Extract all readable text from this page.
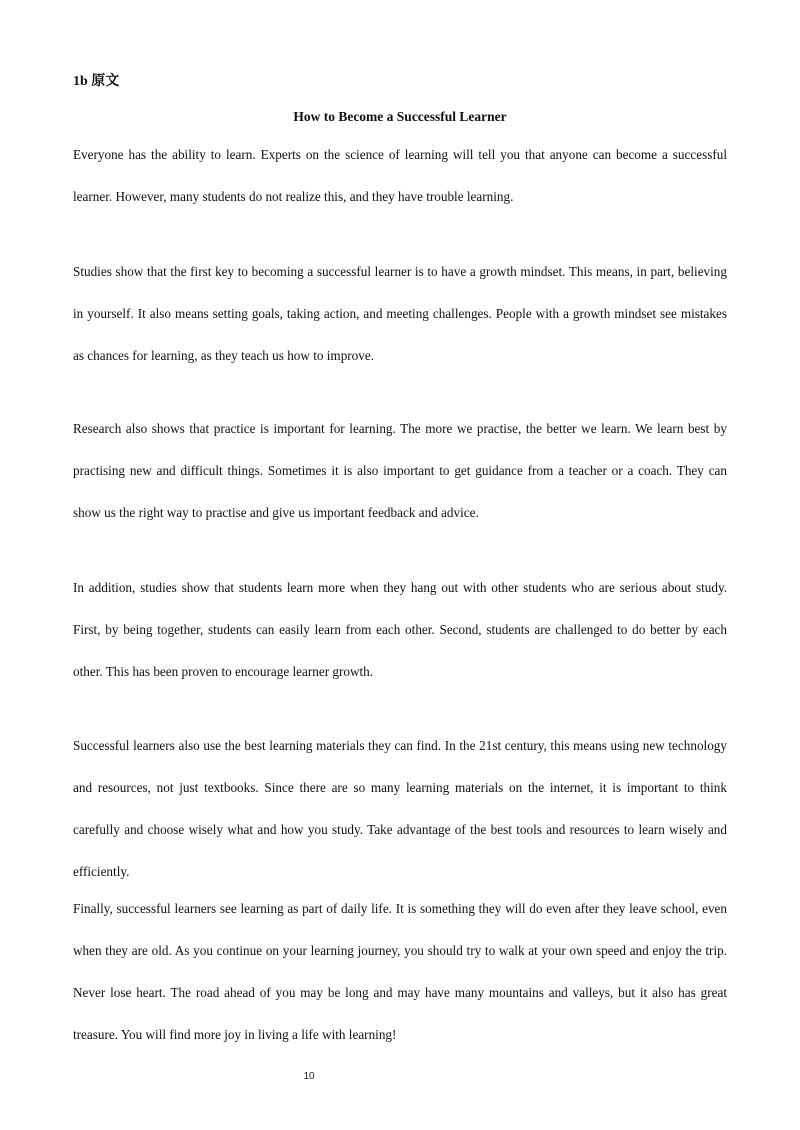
1b 原文

How to Become a Successful Learner

Everyone has the ability to learn. Experts on the science of learning will tell you that anyone can become a successful learner. However, many students do not realize this, and they have trouble learning.

Studies show that the first key to becoming a successful learner is to have a growth mindset. This means, in part, believing in yourself. It also means setting goals, taking action, and meeting challenges. People with a growth mindset see mistakes as chances for learning, as they teach us how to improve.

Research also shows that practice is important for learning. The more we practise, the better we learn. We learn best by practising new and difficult things. Sometimes it is also important to get guidance from a teacher or a coach. They can show us the right way to practise and give us important feedback and advice.

In addition, studies show that students learn more when they hang out with other students who are serious about study. First, by being together, students can easily learn from each other. Second, students are challenged to do better by each other. This has been proven to encourage learner growth.

Successful learners also use the best learning materials they can find. In the 21st century, this means using new technology and resources, not just textbooks. Since there are so many learning materials on the internet, it is important to think carefully and choose wisely what and how you study. Take advantage of the best tools and resources to learn wisely and efficiently.

Finally, successful learners see learning as part of daily life. It is something they will do even after they leave school, even when they are old. As you continue on your learning journey, you should try to walk at your own speed and enjoy the trip. Never lose heart. The road ahead of you may be long and may have many mountains and valleys, but it also has great treasure. You will find more joy in living a life with learning!

10
